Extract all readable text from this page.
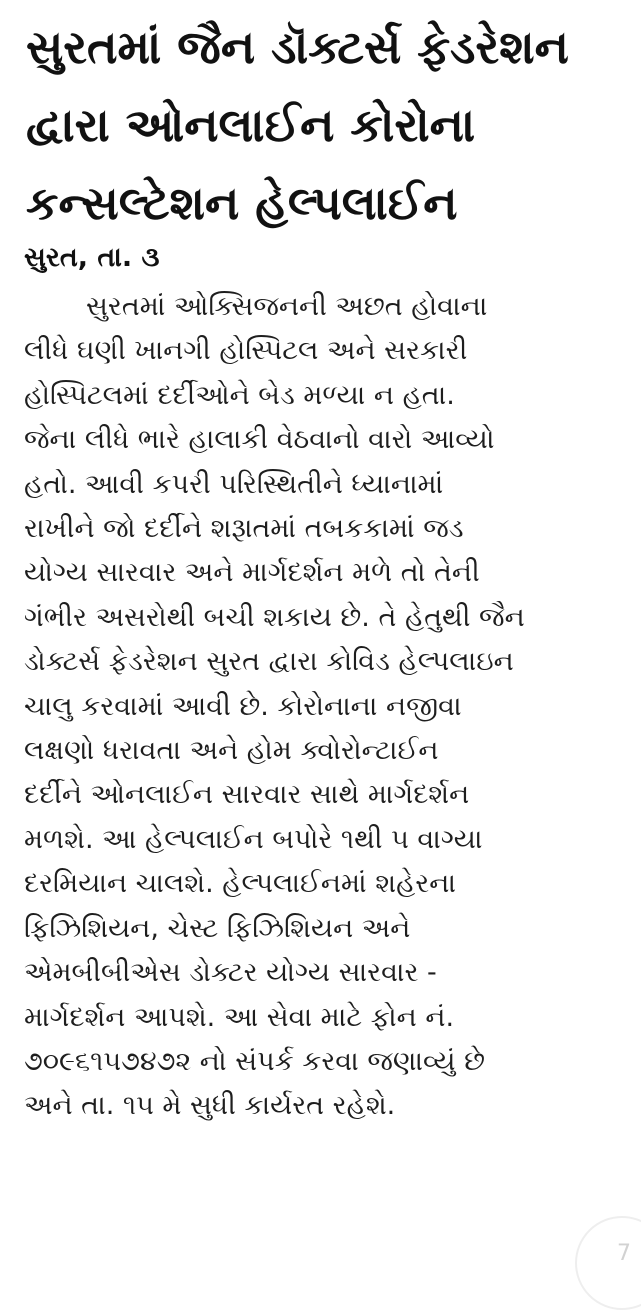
સુરતમાં જૈન ડૉક્ટર્સ ફેડરેશન
દ્વારા ઓનલાઈન કોરોના
કન્સલ્ટેશન હેલ્પલાઈન
સુરત, તા. ૩
સુરતમાં ઓક્સિજનની અછત હોવાના
લીધે ઘણી ખાનગી હોસ્પિટલ અને સરકારી
હોસ્પિટલમાં દર્દીઓને બેડ મળ્યા ન હતા.
જેના લીધે ભારે હાલાકી વેઠવાનો વારો આવ્યો
હતો. આવી કપરી પરિસ્થિતીને ધ્યાનામાં
રાખીને જો દર્દીને શરૂાતમાં તબકકામાં જડ
યોગ્ય સારવાર અને માર્ગદર્શન મળે તો તેની
ગંભીર અસરોથી બચી શકાય છે. તે હેતુથી જૈન
ડોક્ટર્સ ફેડરેશન સુરત દ્વારા કોવિડ હેલ્પલાઇન
ચાલુ કરવામાં આવી છે. કોરોનાના નજીવા
લક્ષણો ધરાવતા અને હોમ ક્વોરોન્ટાઈન
દર્દીને ઓનલાઈન સારવાર સાથે માર્ગદર્શન
મળશે. આ હેલ્પલાઈન બપોરે ૧થી ૫ વાગ્યા
દરમિયાન ચાલશે. હેલ્પલાઈનમાં શહેરના
ફિઝિશિયન, ચેસ્ટ ફિઝિશિયન અને
એમબીબીએસ ડોક્ટર યોગ્ય સારવાર -
માર્ગદર્શન આપશે. આ સેવા માટે ફોન નં.
૭૦૯૬૧૫૭૪૭૨ નો સંપર્ક કરવા જણાવ્યું છે
અને તા. ૧૫ મે સુધી કાર્યરત રહેશે.
7
